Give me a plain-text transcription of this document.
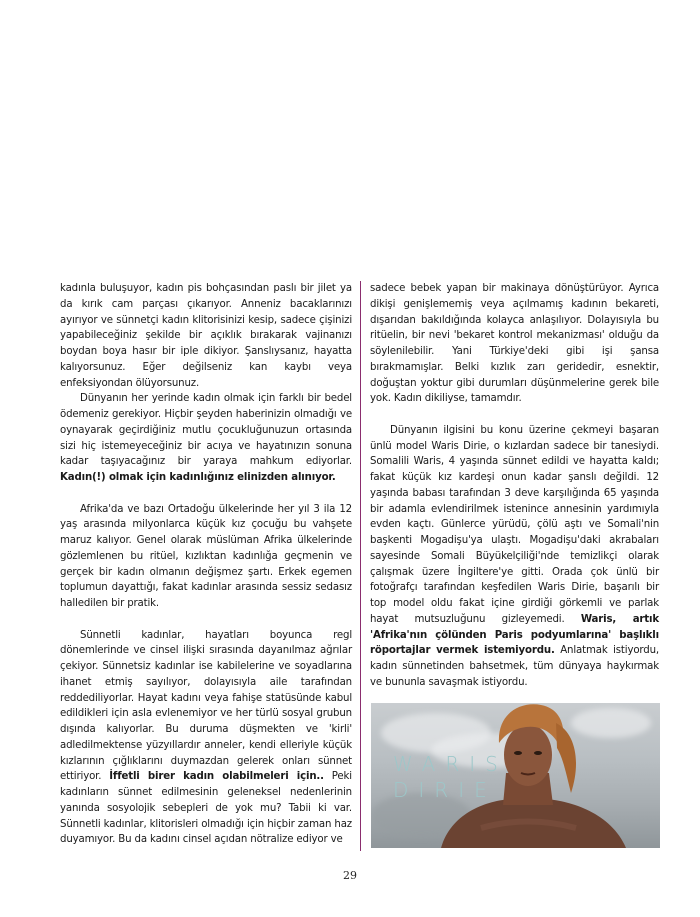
kadınla buluşuyor, kadın pis bohçasından paslı bir jilet ya da kırık cam parçası çıkarıyor. Anneniz bacaklarınızı ayırıyor ve sünnetçi kadın klitorisinizi kesip, sadece çişinizi yapabileceğiniz şekilde bir açıklık bırakarak vajinanızı boydan boya hasır bir iple dikiyor. Şanslıysanız, hayatta kalıyorsunuz. Eğer değilseniz kan kaybı veya enfeksiyondan ölüyorsunuz.

Dünyanın her yerinde kadın olmak için farklı bir bedel ödemeniz gerekiyor. Hiçbir şeyden haberinizin olmadığı ve oynayarak geçirdiğiniz mutlu çocukluğunuzun ortasında sizi hiç istemeyeceğiniz bir acıya ve hayatınızın sonuna kadar taşıyacağınız bir yaraya mahkum ediyorlar. Kadın(!) olmak için kadınlığınız elinizden alınıyor.

Afrika'da ve bazı Ortadoğu ülkelerinde her yıl 3 ila 12 yaş arasında milyonlarca küçük kız çocuğu bu vahşete maruz kalıyor. Genel olarak müslüman Afrika ülkelerinde gözlemlenen bu ritüel, kızlıktan kadınlığa geçmenin ve gerçek bir kadın olmanın değişmez şartı. Erkek egemen toplumun dayattığı, fakat kadınlar arasında sessiz sedasız halledilen bir pratik.

Sünnetli kadınlar, hayatları boyunca regl dönemlerinde ve cinsel ilişki sırasında dayanılmaz ağrılar çekiyor. Sünnetsiz kadınlar ise kabilelerine ve soyadlarına ihanet etmiş sayılıyor, dolayısıyla aile tarafından reddediliyorlar. Hayat kadını veya fahişe statüsünde kabul edildikleri için asla evlenemiyor ve her türlü sosyal grubun dışında kalıyorlar. Bu duruma düşmekten ve 'kirli' adledilmektense yüzyıllardır anneler, kendi elleriyle küçük kızlarının çığlıklarını duymazdan gelerek onları sünnet ettiriyor. İffetli birer kadın olabilmeleri için.. Peki kadınların sünnet edilmesinin geleneksel nedenlerinin yanında sosyolojik sebepleri de yok mu? Tabii ki var. Sünnetli kadınlar, klitorisleri olmadığı için hiçbir zaman haz duyamıyor. Bu da kadını cinsel açıdan nötralize ediyor ve

sadece bebek yapan bir makinaya dönüştürüyor. Ayrıca dikişi genişlememiş veya açılmamış kadının bekareti, dışarıdan bakıldığında kolayca anlaşılıyor. Dolayısıyla bu ritüelin, bir nevi 'bekaret kontrol mekanizması' olduğu da söylenilebilir. Yani Türkiye'deki gibi işi şansa bırakmamışlar. Belki kızlık zarı geridedir, esnektir, doğuştan yoktur gibi durumları düşünmelerine gerek bile yok. Kadın dikiliyse, tamamdır.

Dünyanın ilgisini bu konu üzerine çekmeyi başaran ünlü model Waris Dirie, o kızlardan sadece bir tanesiydi. Somalili Waris, 4 yaşında sünnet edildi ve hayatta kaldı; fakat küçük kız kardeşi onun kadar şanslı değildi. 12 yaşında babası tarafından 3 deve karşılığında 65 yaşında bir adamla evlendirilmek istenince annesinin yardımıyla evden kaçtı. Günlerce yürüdü, çölü aştı ve Somali'nin başkenti Mogadişu'ya ulaştı. Mogadişu'daki akrabaları sayesinde Somali Büyükelçiliği'nde temizlikçi olarak çalışmak üzere İngiltere'ye gitti. Orada çok ünlü bir fotoğrafçı tarafından keşfedilen Waris Dirie, başarılı bir top model oldu fakat içine girdiği görkemli ve parlak hayat mutsuzluğunu gizleyemedi. Waris, artık 'Afrika'nın çölünden Paris podyumlarına' başlıklı röportajlar vermek istemiyordu. Anlatmak istiyordu, kadın sünnetinden bahsetmek, tüm dünyaya haykırmak ve bununla savaşmak istiyordu.

WARIS
DIRIE
29
